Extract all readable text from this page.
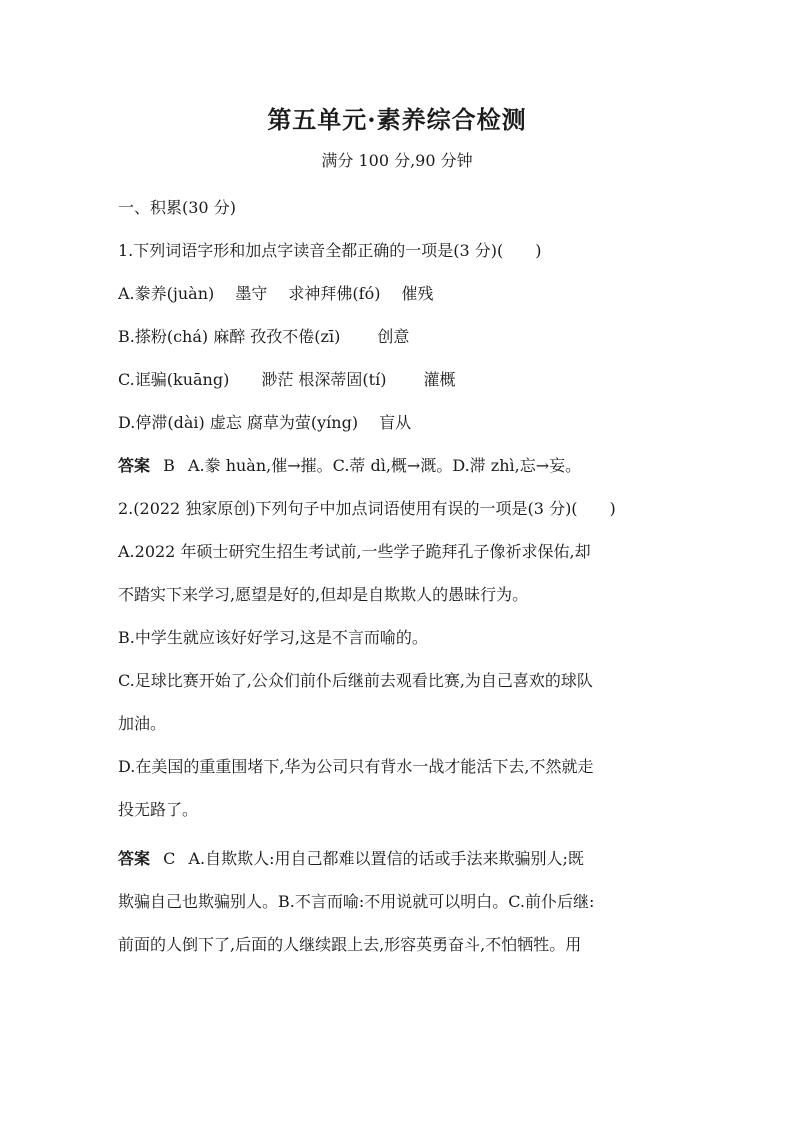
第五单元·素养综合检测
满分 100 分,90 分钟
一、积累(30 分)
1.下列词语字形和加点字读音全都正确的一项是(3 分)(　　)
A.豢养(juàn)　 墨守　 求神拜佛(fó)　 催残
B.搽粉(chá) 麻醉 孜孜不倦(zī)　　 创意
C.诓骗(kuāng)　　渺茫 根深蒂固(tí)　　 灌概
D.停滞(dài) 虚忘 腐草为萤(yíng)　 盲从
答案 B A.豢 huàn,催→摧。C.蒂 dì,概→溉。D.滞 zhì,忘→妄。
2.(2022 独家原创)下列句子中加点词语使用有误的一项是(3 分)(　　)
A.2022 年硕士研究生招生考试前,一些学子跪拜孔子像祈求保佑,却
不踏实下来学习,愿望是好的,但却是自欺欺人的愚昧行为。
B.中学生就应该好好学习,这是不言而喻的。
C.足球比赛开始了,公众们前仆后继前去观看比赛,为自己喜欢的球队
加油。
D.在美国的重重围堵下,华为公司只有背水一战才能活下去,不然就走
投无路了。
答案 C A.自欺欺人:用自己都难以置信的话或手法来欺骗别人;既
欺骗自己也欺骗别人。B.不言而喻:不用说就可以明白。C.前仆后继:
前面的人倒下了,后面的人继续跟上去,形容英勇奋斗,不怕牺牲。用
